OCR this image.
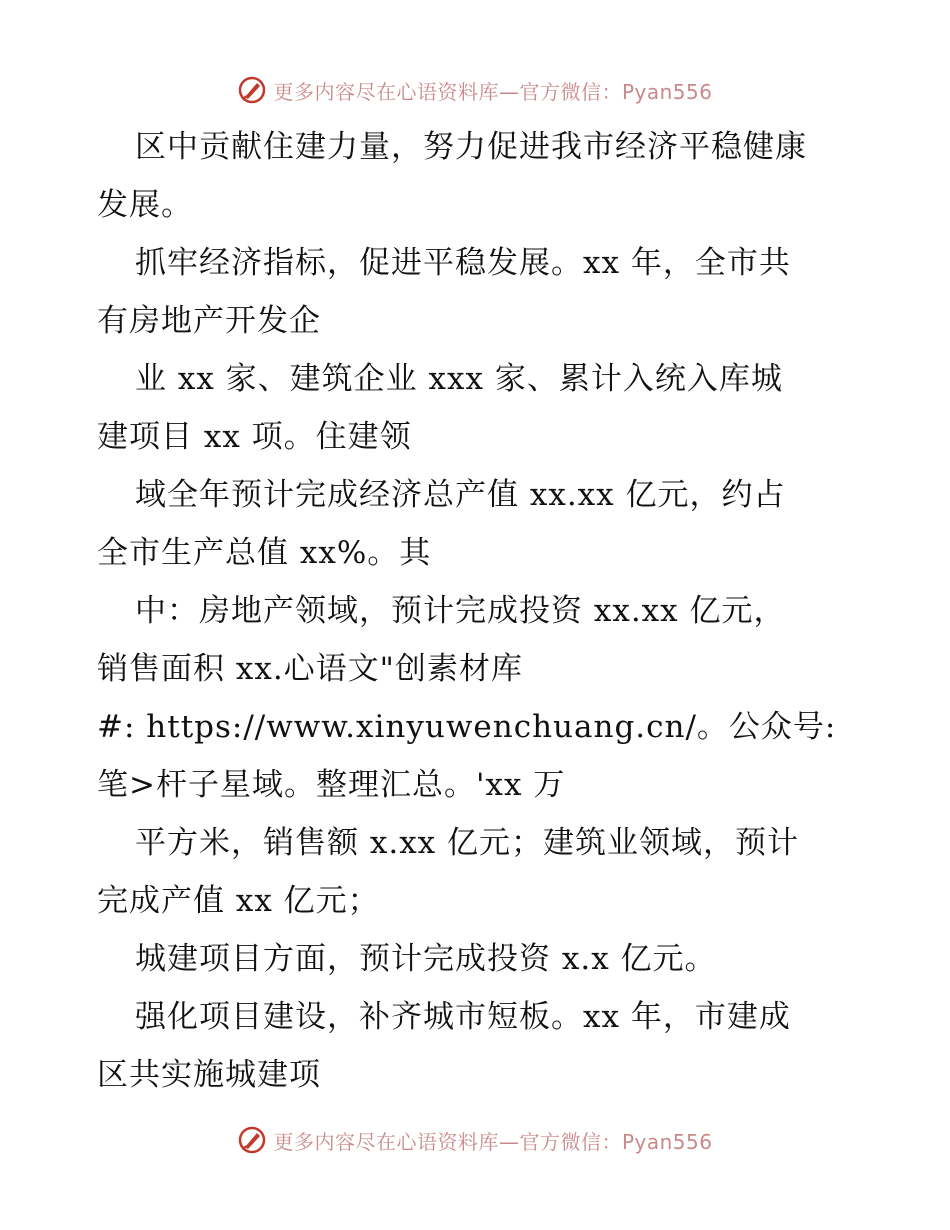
更多内容尽在心语资料库—官方微信：Pyan556
区中贡献住建力量，努力促进我市经济平稳健康
发展。
抓牢经济指标，促进平稳发展。xx 年，全市共
有房地产开发企
业 xx 家、建筑企业 xxx 家、累计入统入库城
建项目 xx 项。住建领
域全年预计完成经济总产值 xx.xx 亿元，约占
全市生产总值 xx%。其
中：房地产领域，预计完成投资 xx.xx 亿元，
销售面积 xx.心语文"创素材库
#: https://www.xinyuwenchuang.cn/。公众号:
笔>杆子星域。整理汇总。'xx 万
平方米，销售额 x.xx 亿元；建筑业领域，预计
完成产值 xx 亿元；
城建项目方面，预计完成投资 x.x 亿元。
强化项目建设，补齐城市短板。xx 年，市建成
区共实施城建项
更多内容尽在心语资料库—官方微信：Pyan556
